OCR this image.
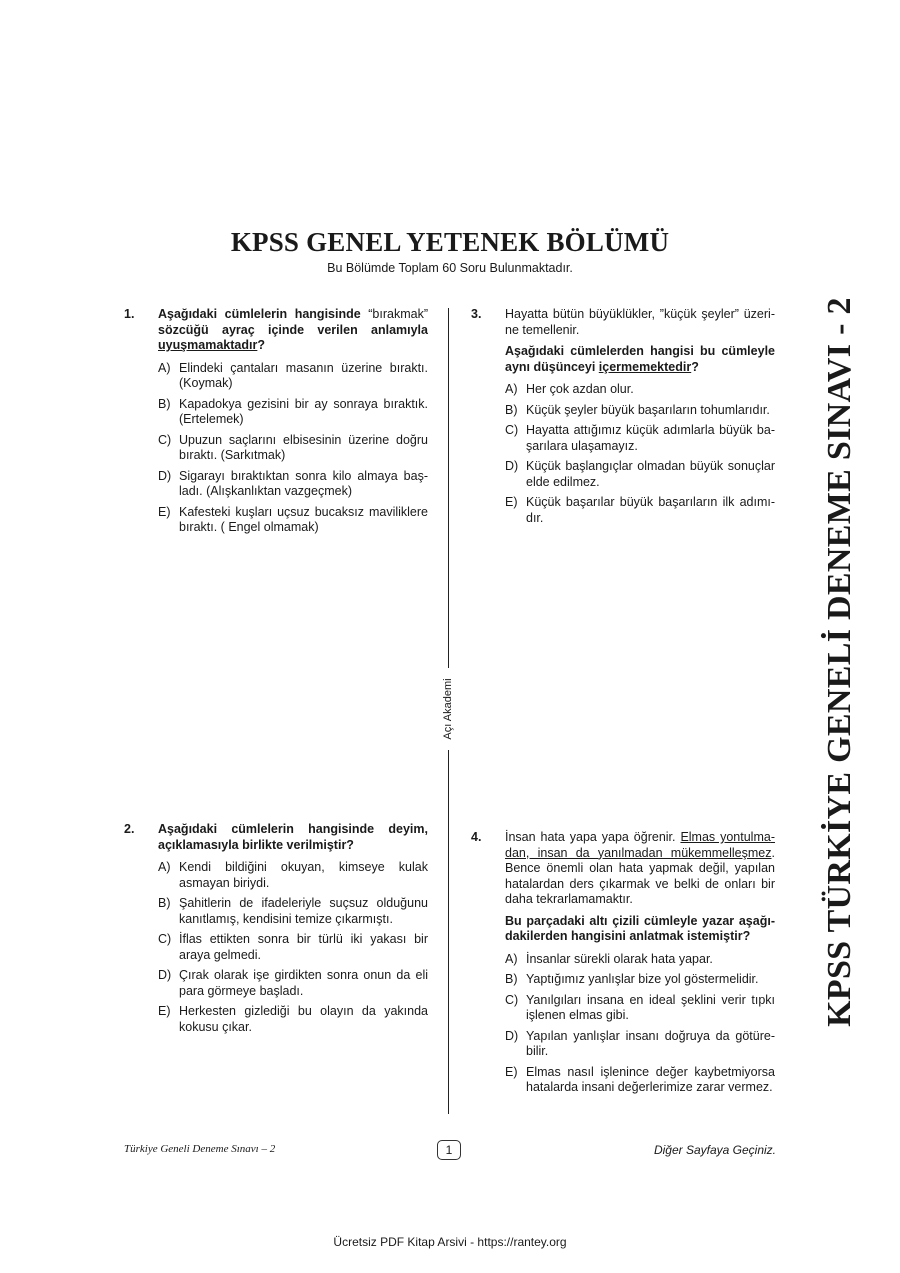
KPSS GENEL YETENEK BÖLÜMÜ
Bu Bölümde Toplam 60 Soru Bulunmaktadır.
1. Aşağıdaki cümlelerin hangisinde “bırakmak” sözcüğü ayraç içinde verilen anlamıyla uyuşmamaktadır?
A) Elindeki çantaları masanın üzerine bıraktı. (Koymak)
B) Kapadokya gezisini bir ay sonraya bıraktık.(Ertelemek)
C) Upuzun saçlarını elbisesinin üzerine doğru bıraktı. (Sarkıtmak)
D) Sigarayı bıraktıktan sonra kilo almaya başladı. (Alışkanlıktan vazgeçmek)
E) Kafesteki kuşları uçsuz bucaksız maviliklere bıraktı. ( Engel olmamak)
2. Aşağıdaki cümlelerin hangisinde deyim, açıklamasıyla birlikte verilmiştir?
A) Kendi bildiğini okuyan, kimseye kulak asmayan biriydi.
B) Şahitlerin de ifadeleriyle suçsuz olduğunu kanıtlamış, kendisini temize çıkarmıştı.
C) İflas ettikten sonra bir türlü iki yakası bir araya gelmedi.
D) Çırak olarak işe girdikten sonra onun da eli para görmeye başladı.
E) Herkesten gizlediği bu olayın da yakında kokusu çıkar.
3. Hayatta bütün büyüklükler, ”küçük şeyler” üzerine temellenir.
Aşağıdaki cümlelerden hangisi bu cümleyle aynı düşünceyi içermemektedir?
A) Her çok azdan olur.
B) Küçük şeyler büyük başarıların tohumlarıdır.
C) Hayatta attığımız küçük adımlarla büyük başarılara ulaşamayız.
D) Küçük başlangıçlar olmadan büyük sonuçlar elde edilmez.
E) Küçük başarılar büyük başarıların ilk adımıdır.
4. İnsan hata yapa yapa öğrenir. Elmas yontulmadan, insan da yanılmadan mükemmelleşmez. Bence önemli olan hata yapmak değil, yapılan hatalardan ders çıkarmak ve belki de onları bir daha tekrarlamamaktır.
Bu parçadaki altı çizili cümleyle yazar aşağıdakilerden hangisini anlatmak istemiştir?
A) İnsanlar sürekli olarak hata yapar.
B) Yaptığımız yanlışlar bize yol göstermelidir.
C) Yanılgıları insana en ideal şeklini verir tıpkı işlenen elmas gibi.
D) Yapılan yanlışlar insanı doğruya da götürebilir.
E) Elmas nasıl işlenince değer kaybetmiyorsa hatalarda insani değerlerimize zarar vermez.
Açı Akademi	KPSS TÜRKİYE GENELİ DENEME SINAVI - 2
Türkiye Geneli Deneme Sınavı – 2	1	Diğer Sayfaya Geçiniz.
Ücretsiz PDF Kitap Arsivi - https://rantey.org
